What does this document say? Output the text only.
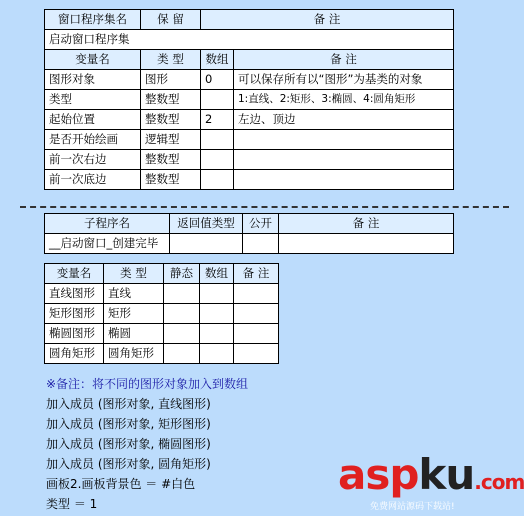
窗口程序集名	保 留	备 注	
启动窗口程序集			
变量名	类 型	数组	备 注
图形对象	图形	0	可以保存所有以“图形”为基类的对象
类型	整数型		1:直线、2:矩形、3:椭圆、4:圆角矩形
起始位置	整数型	2	左边、顶边
是否开始绘画	逻辑型		
前一次右边	整数型		
前一次底边	整数型		
子程序名	返回值类型	公开	备 注
__启动窗口_创建完毕			
变量名	类 型	静态	数组	备 注
直线图形	直线			
矩形图形	矩形			
椭圆图形	椭圆			
圆角矩形	圆角矩形			
※备注：将不同的图形对象加入到数组
加入成员 (图形对象, 直线图形)
加入成员 (图形对象, 矩形图形)
加入成员 (图形对象, 椭圆图形)
加入成员 (图形对象, 圆角矩形)
画板2.画板背景色 ＝ #白色
类型 ＝ 1
aspku.com
免费网站源码下载站!
